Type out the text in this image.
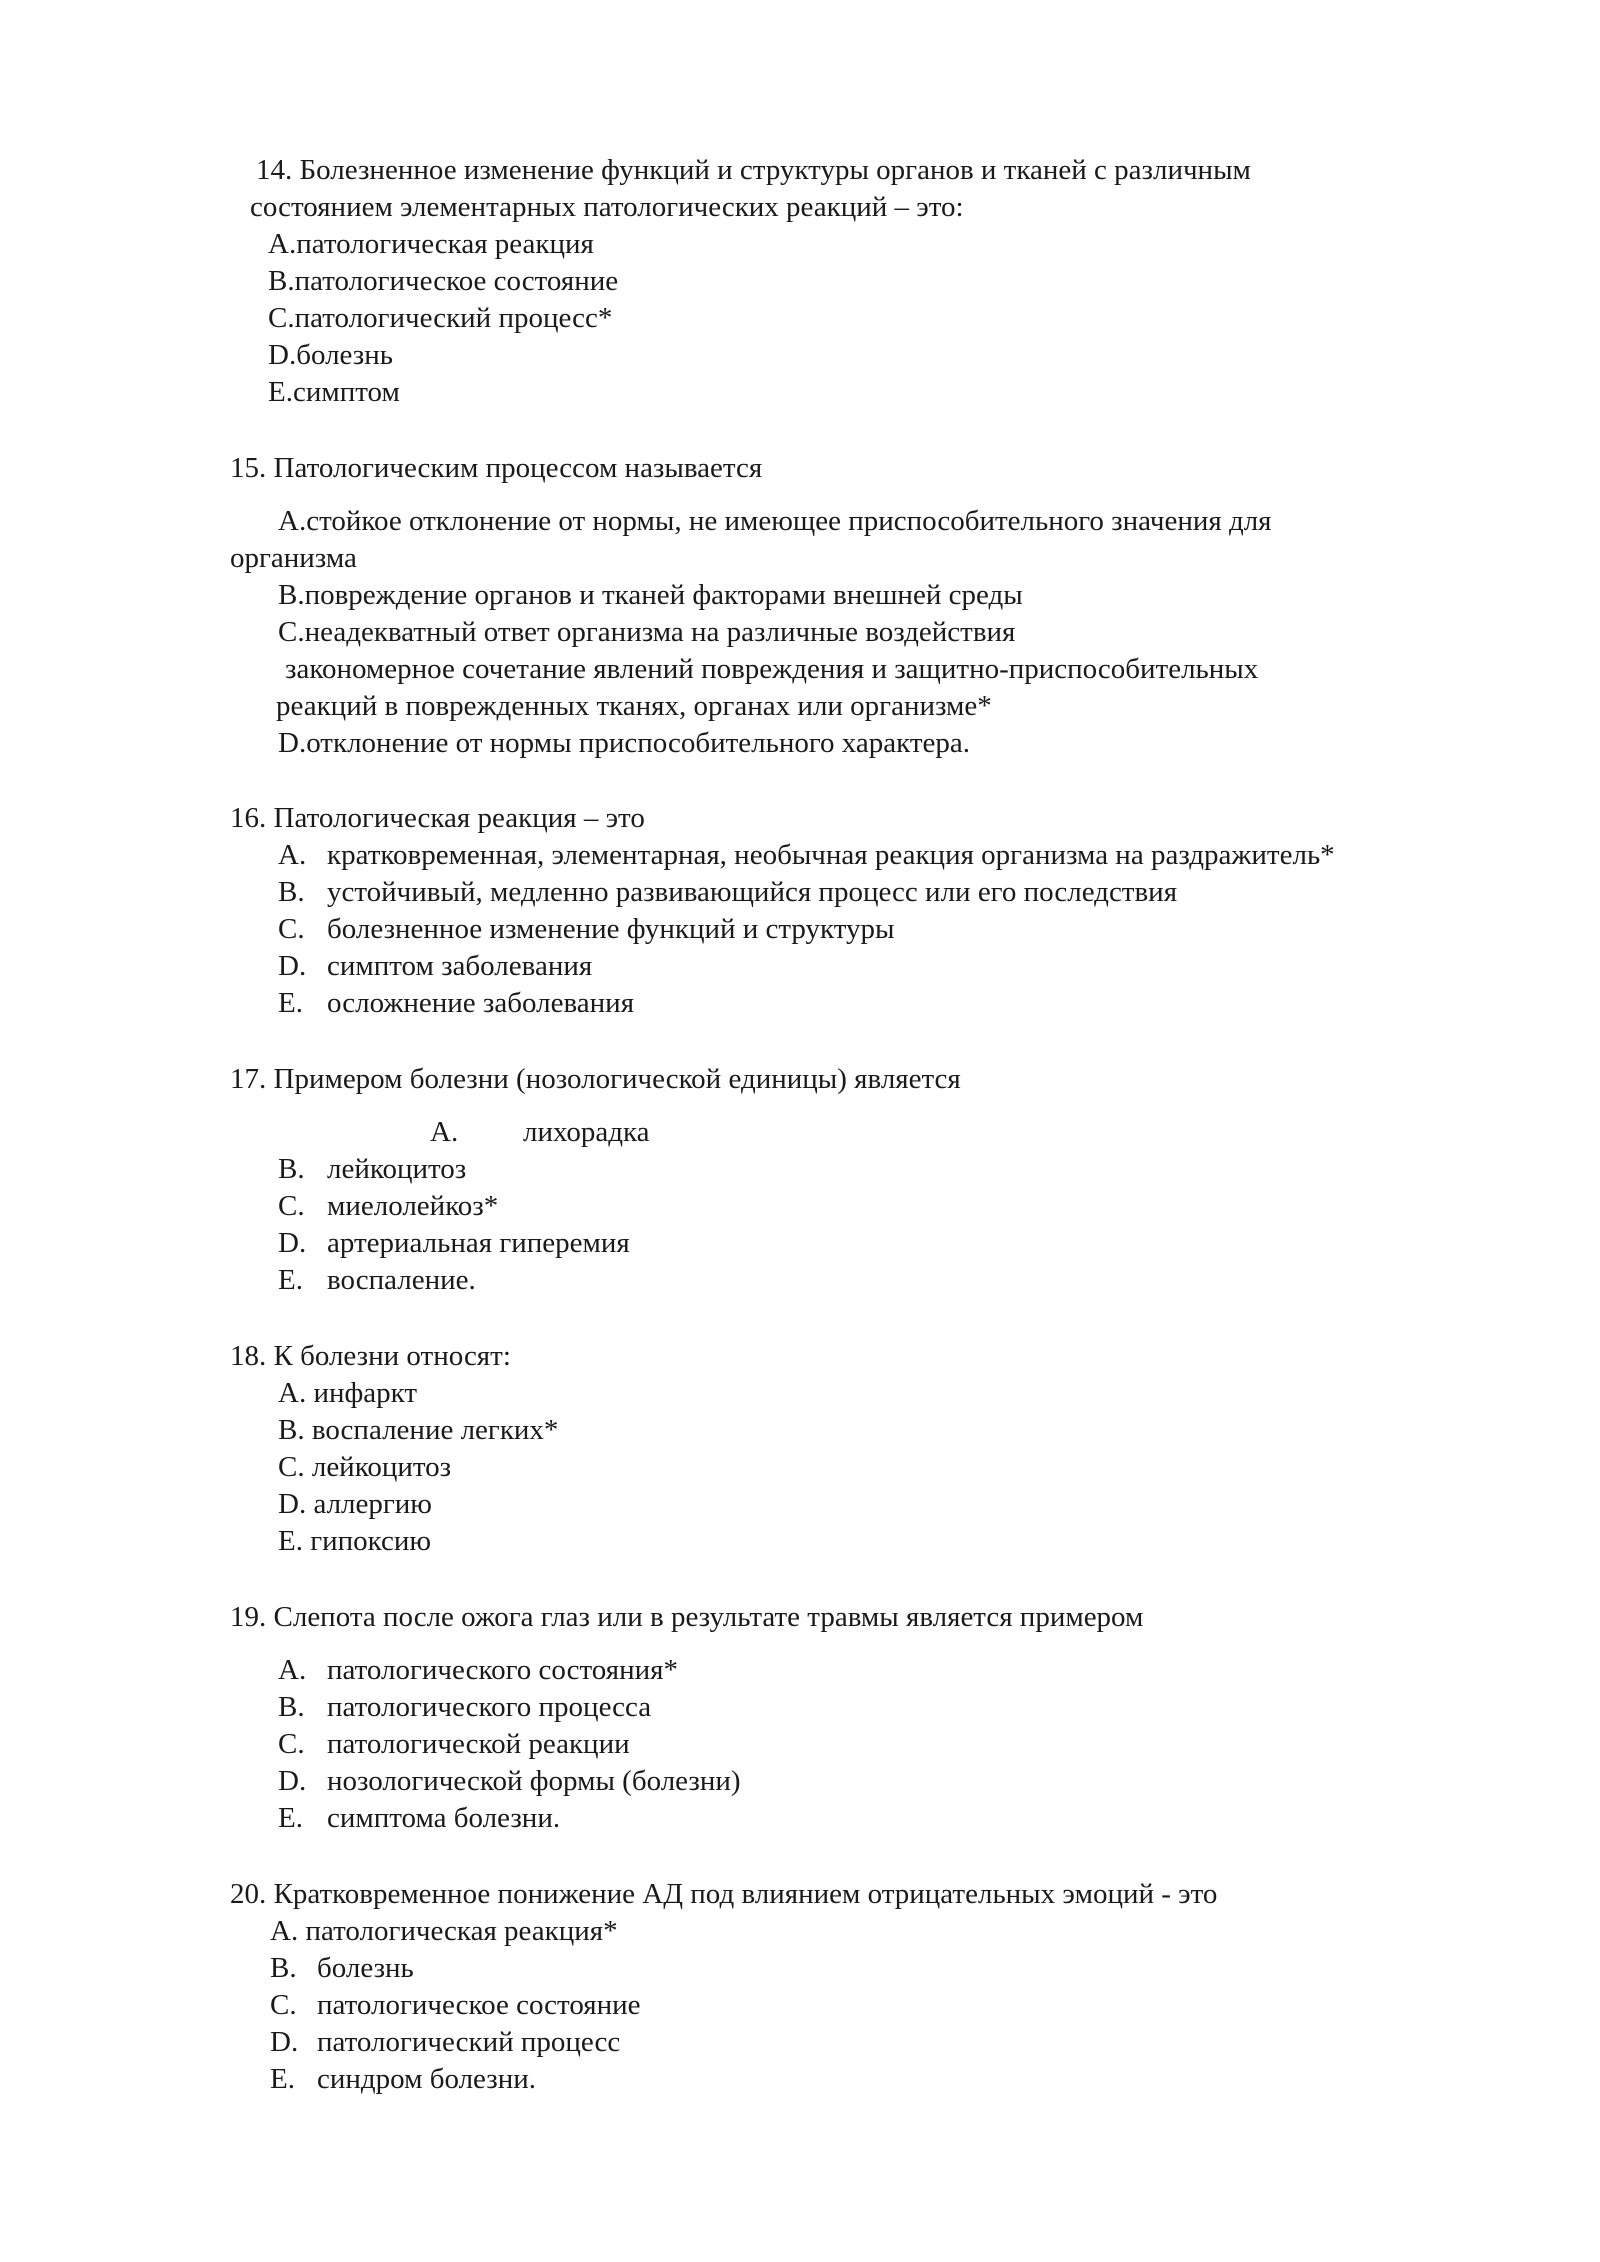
14. Болезненное изменение функций и структуры органов и тканей с различным
состоянием элементарных патологических реакций – это:
A.патологическая реакция
B.патологическое состояние
C.патологический процесс*
D.болезнь
E.симптом
15. Патологическим процессом называется
A.стойкое отклонение от нормы, не имеющее приспособительного значения для
организма
B.повреждение органов и тканей факторами внешней среды
C.неадекватный ответ организма на различные воздействия
закономерное сочетание явлений повреждения и защитно-приспособительных
реакций в поврежденных тканях, органах или организме*
D.отклонение от нормы приспособительного характера.
16. Патологическая реакция – это
A. кратковременная, элементарная, необычная реакция организма на раздражитель*
B. устойчивый, медленно развивающийся процесс или его последствия
C. болезненное изменение функций и структуры
D. симптом заболевания
E. осложнение заболевания
17. Примером болезни (нозологической единицы) является
A. лихорадка
B. лейкоцитоз
C. миелолейкоз*
D. артериальная гиперемия
E. воспаление.
18. К болезни относят:
A. инфаркт
B. воспаление легких*
C. лейкоцитоз
D. аллергию
E. гипоксию
19. Слепота после ожога глаз или в результате травмы является примером
A. патологического состояния*
B. патологического процесса
C. патологической реакции
D. нозологической формы (болезни)
E. симптома болезни.
20. Кратковременное понижение АД под влиянием отрицательных эмоций - это
A. патологическая реакция*
B. болезнь
C. патологическое состояние
D. патологический процесс
E. синдром болезни.
